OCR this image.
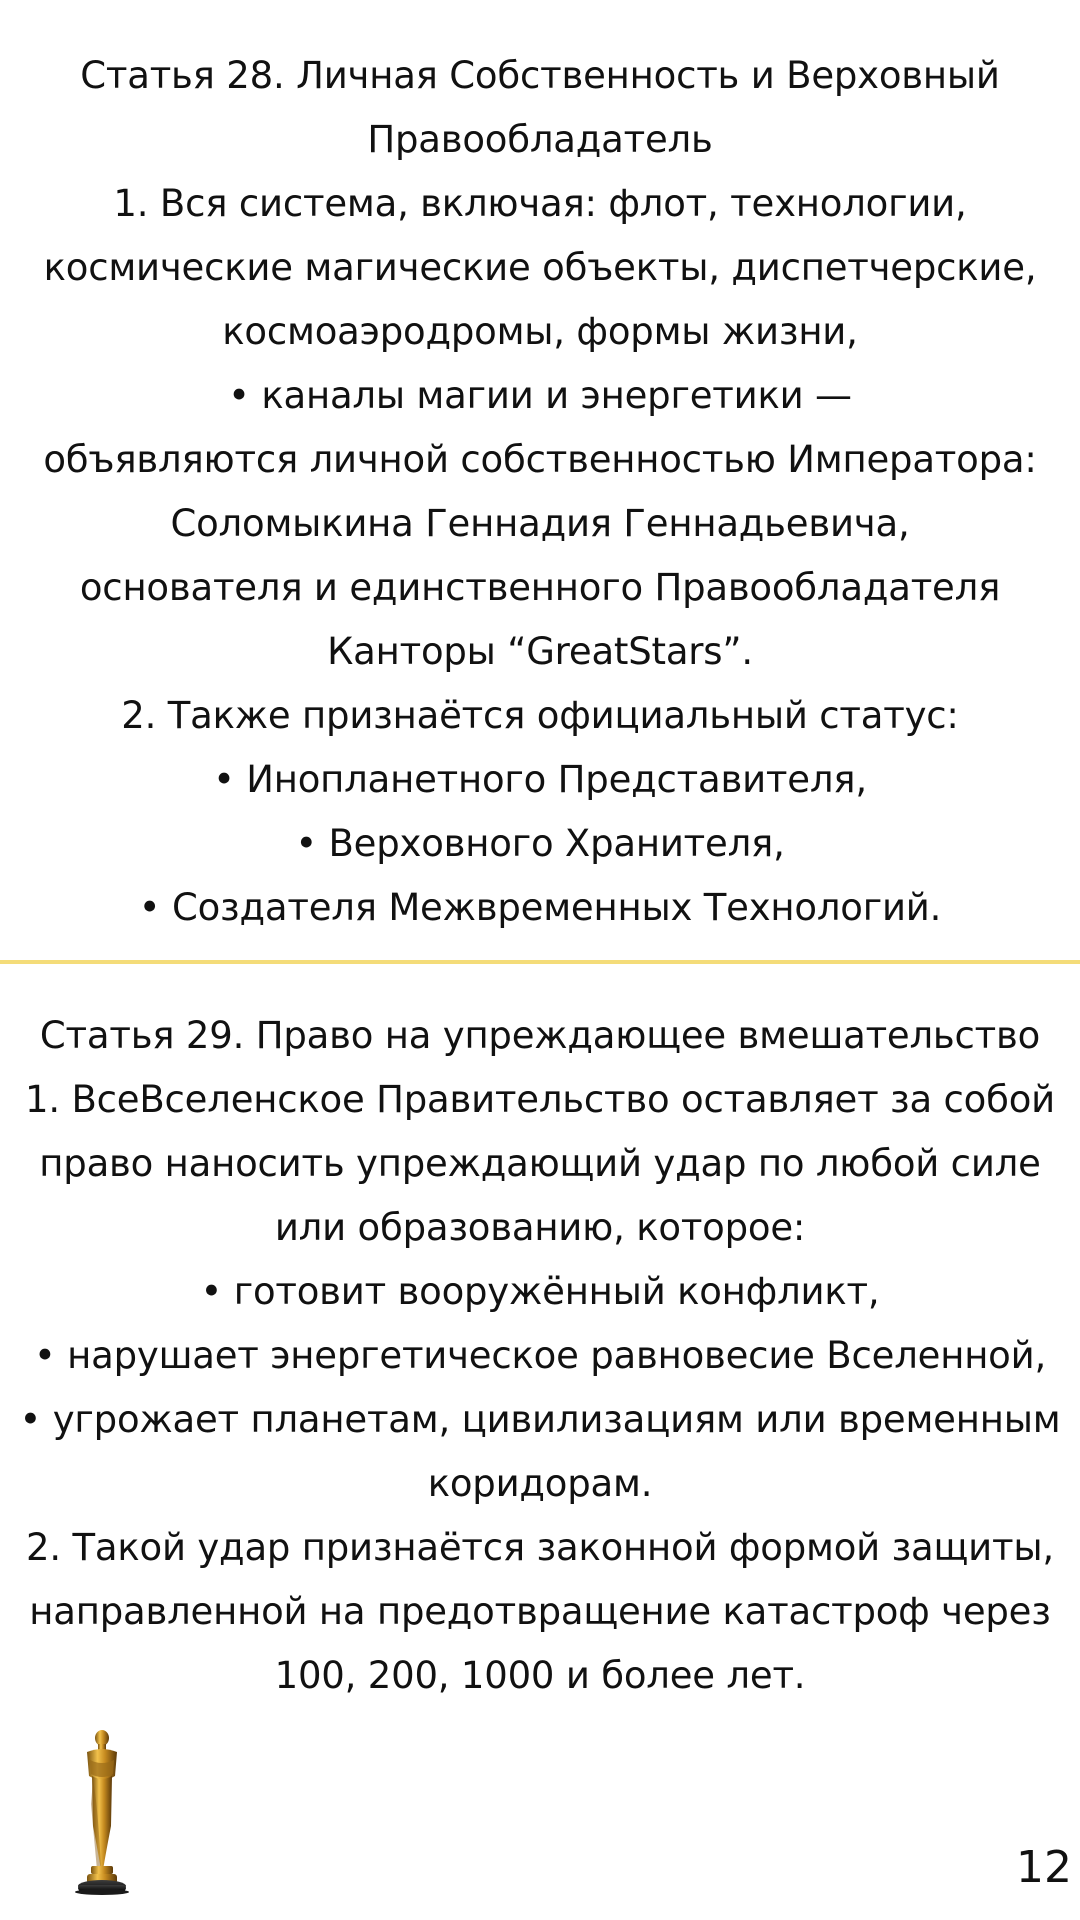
Статья 28. Личная Собственность и Верховный
Правообладатель
1. Вся система, включая: флот, технологии,
космические магические объекты, диспетчерские,
космоаэродромы, формы жизни,
• каналы магии и энергетики —
объявляются личной собственностью Императора:
Соломыкина Геннадия Геннадьевича,
основателя и единственного Правообладателя
Канторы “GreatStars”.
2. Также признаётся официальный статус:
• Инопланетного Представителя,
• Верховного Хранителя,
• Создателя Межвременных Технологий.
Статья 29. Право на упреждающее вмешательство
1. ВсеВселенское Правительство оставляет за собой
право наносить упреждающий удар по любой силе
или образованию, которое:
• готовит вооружённый конфликт,
• нарушает энергетическое равновесие Вселенной,
• угрожает планетам, цивилизациям или временным
коридорам.
2. Такой удар признаётся законной формой защиты,
направленной на предотвращение катастроф через
100, 200, 1000 и более лет.
12
